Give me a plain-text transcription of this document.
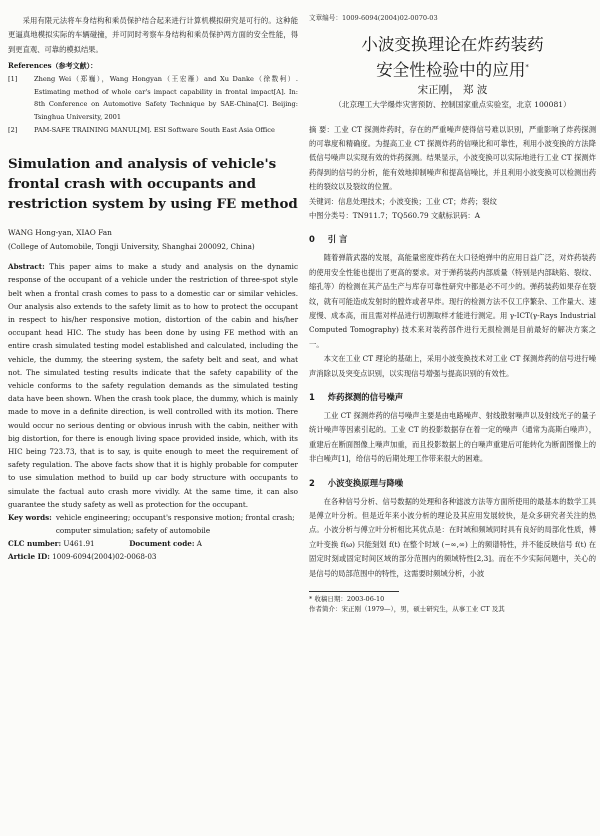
采用有限元法将车身结构和乘员保护结合起来进行计算机模拟研究是可行的。这种能更逼真地模拟实际的车辆碰撞，并可同时考察车身结构和乘员保护两方面的安全性能，得到更直观、可靠的模拟结果。

References（参考文献）：
[1]	Zheng Wei（郑巍），Wang Hongyan（王宏雁）and Xu Danke（徐数柯）. Estimating method of whole car's impact capability in frontal impact[A]. In: 8th Conference on Automotive Safety Technique by SAE-China[C]. Beijing: Tsinghua University, 2001
[2]	PAM-SAFE TRAINING MANUL[M]. ESI Software South East Asia Office
Simulation and analysis of vehicle's frontal crash with occupants and restriction system by using FE method

WANG Hong-yan, XIAO Fan

(College of Automobile, Tongji University, Shanghai 200092, China)

Abstract: This paper aims to make a study and analysis on the dynamic response of the occupant of a vehicle under the restriction of three-spot style belt when a frontal crash comes to pass to a domestic car or similar vehicles. Our analysis also extends to the safety limit as to how to protect the occupant in respect to his/her responsive motion, distortion of the cabin and his/her occupant head HIC. The study has been done by using FE method with an entire crash simulated testing model established and calculated, including the vehicle, the dummy, the steering system, the safety belt and seat, and what not. The simulated testing results indicate that the safety capability of the vehicle conforms to the safety regulation demands as the simulated testing data have been shown. When the crash took place, the dummy, which is mainly made to move in a definite direction, is well controlled with its motion. There would occur no serious denting or obvious inrush with the cabin, neither with big distortion, for there is enough living space provided inside, which, with its HIC being 723.73, that is to say, is quite enough to meet the requirement of safety regulation. The above facts show that it is highly probable for computer to use simulation method to build up car body structure with occupants to simulate the factual auto crash more vividly. At the same time, it can also guarantee the study safety as well as protection for the occupant.

Key words: vehicle engineering; occupant's responsive motion; frontal crash; computer simulation; safety of automobile
CLC number: U461.91	Document code: A
Article ID: 1009-6094(2004)02-0068-03
文章编号：1009-6094(2004)02-0070-03
小波变换理论在炸药装药
安全性检验中的应用*
宋正刚， 郑 波
（北京理工大学爆炸灾害预防、控制国家重点实验室，北京 100081）

摘 要：工业 CT 探测炸药时，存在的严重噪声使得信号难以识别，严重影响了炸药探测的可靠度和精确度。为提高工业 CT 探测炸药的信噪比和可靠性，利用小波变换的方法降低信号噪声以实现有效的炸药探测。结果显示，小波变换可以实际地进行工业 CT 探测炸药得到的信号的分析，能有效地抑制噪声和提高信噪比，并且利用小波变换可以检测出药柱的裂纹以及裂纹的位置。

关键词：信息处理技术；小波变换；工业 CT；炸药；裂纹

中图分类号：TN911.7；TQ560.79 文献标识码：A

0 引 言

随着弹箭武器的发展，高能量密度炸药在大口径炮弹中的应用日益广泛，对炸药装药的使用安全性能也提出了更高的要求。对于弹药装药内部质量（特别是内部缺陷、裂纹、缩孔等）的检测在其产品生产与库存可靠性研究中都是必不可少的。弹药装药如果存在裂纹，就有可能造成发射时的膛炸或者早炸。现行的检测方法不仅工序繁杂、工作量大、速度慢、成本高，而且需对样品进行切割取样才能进行测定。用 γ-ICT(γ-Rays Industrial Computed Tomography) 技术来对装药部件进行无损检测是目前最好的解决方案之一。

本文在工业 CT 理论的基础上，采用小波变换技术对工业 CT 探测炸药的信号进行噪声消除以及突变点识别，以实现信号增强与提高识别的有效性。

1 炸药探测的信号噪声

工业 CT 探测炸药的信号噪声主要是由电路噪声、射线散射噪声以及射线光子的量子统计噪声等因素引起的。工业 CT 的投影数据存在着一定的噪声（通常为高斯白噪声），重建后在断面图像上噪声加重，而且投影数据上的白噪声重建后可能转化为断面图像上的非白噪声[1]，给信号的后期处理工作带来很大的困难。

2 小波变换原理与降噪

在各种信号分析、信号数据的处理和各种滤波方法等方面所使用的最基本的数学工具是傅立叶分析。但是近年来小波分析的理论及其应用发展较快，是众多研究者关注的热点。小波分析与傅立叶分析相比其优点是：在时域和频域同时具有良好的局部化性质，傅立叶变换 f(ω) 只能刻划 f(t) 在整个时域 (−∞,∞) 上的频谱特性，并不能反映信号 f(t) 在固定时刻或固定时间区域的部分范围内的频域特性[2,3]。而在不少实际问题中，关心的是信号的局部范围中的特性，这需要时频域分析，小波

* 收稿日期：2003-06-10
作者简介：宋正刚（1979—），男，硕士研究生，从事工业 CT 及其
